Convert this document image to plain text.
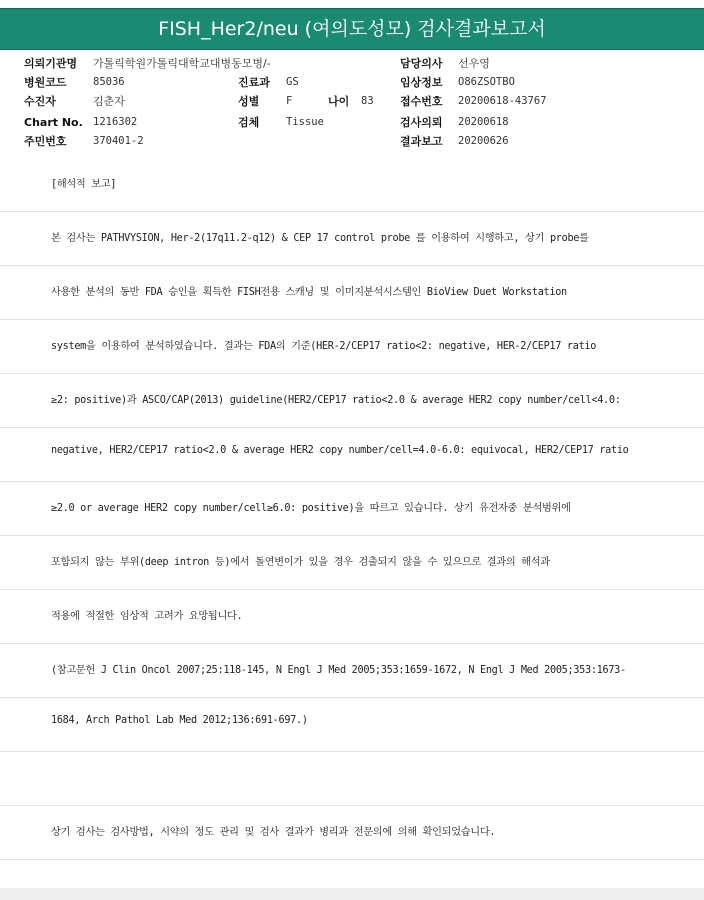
FISH_Her2/neu (여의도성모) 검사결과보고서
의뢰기관명 가톨릭학원가톨릭대학교대병동모병/-	담당의사 선우영
병원코드	85036	진료과 GS	임상정보 O86ZSOTBO
수진자	김춘자	성별	F	나이 83 접수번호 20200618-43767
Chart No. 1216302	검체	Tissue	검사의뢰 20200618
주민번호	370401-2	결과보고 20200626
[해석적 보고]
본 검사는 PATHVYSION, Her-2(17q11.2-q12) & CEP 17 control probe 를 이용하여 시행하고, 상기 probe를
사용한 분석의 동반 FDA 승인을 획득한 FISH전용 스캐닝 및 이미지분석시스템인 BioView Duet Workstation
system을 이용하여 분석하였습니다. 결과는 FDA의 기준(HER-2/CEP17 ratio<2: negative, HER-2/CEP17 ratio
≥2: positive)과 ASCO/CAP(2013) guideline(HER2/CEP17 ratio<2.0 & average HER2 copy number/cell<4.0:
negative, HER2/CEP17 ratio<2.0 & average HER2 copy number/cell=4.0-6.0: equivocal, HER2/CEP17 ratio
≥2.0 or average HER2 copy number/cell≥6.0: positive)을 따르고 있습니다. 상기 유전자중 분석범위에
포함되지 않는 부위(deep intron 등)에서 돌연변이가 있을 경우 검출되지 않을 수 있으므로 결과의 해석과
적용에 적절한 임상적 고려가 요망됩니다.
(참고문헌 J Clin Oncol 2007;25:118-145, N Engl J Med 2005;353:1659-1672, N Engl J Med 2005;353:1673-
1684, Arch Pathol Lab Med 2012;136:691-697.)
상기 검사는 검사방법, 시약의 정도 관리 및 검사 결과가 병리과 전문의에 의해 확인되었습니다.
